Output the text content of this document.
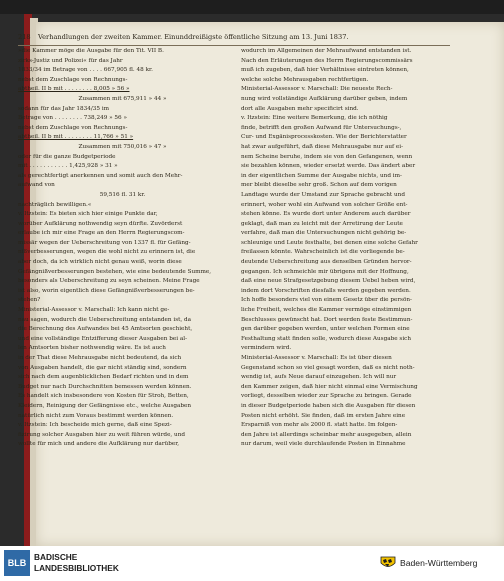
218 Verhandlungen der zweiten Kammer. Einunddreißigste öffentliche Sitzung am 13. Juni 1837.
»die Kammer möge die Ausgabe für den Tit. VII B.
zirks-Justiz und Polizei« für das Jahr
1833/34 im Betrage von . . . . 667,905 fl. 48 kr.
nebst dem Zuschlage von Rechnungs-
abtheil. II b mit . . . . . . . . 8,005 » 56 »
Zusammen mit 675,911 » 44 »
sodann für das Jahr 1834/35 im
Betrage von . . . . . . . . 738,249 » 56 »
nebst dem Zuschlage von Rechnungs-
abtheil. II b mit . . . . . . . . 11,766 » 51 »
Zusammen mit 750,016 » 47 »
oder für die ganze Budgetperiode
mit . . . . . . . . . . . 1,425,928 » 31 »
als gerechtfertigt anerkennen und somit auch den Mehr-
aufwand von
59,516 fl. 31 kr.
nachträglich bewilligen.«
v. Itzstein: Es bieten sich hier einige Punkte dar,
worüber Aufklärung nothwendig seyn dürfte. Zuvörderst
erlaube ich mir eine Frage an den Herrn Regierungscom-
missär wegen der Ueberschreitung von 1337 fl. für Gefäng-
nißverbesserungen, wegen die wohl nicht zu erinnern ist, die
aber doch, da ich wirklich nicht genau weiß, worin diese
Gefängnißverbesserungen bestehen, wie eine bedeutende Summe,
besonders als Ueberschreitung zu seyn scheinen. Meine Frage
ist also, worin eigentlich diese Gefängnißverbesserungen be-
stehen?
Ministerial-Assessor v. Marschall: Ich kann nicht ge-
nau sagen, wodurch die Ueberschreitung entstanden ist, da
die Berechnung des Aufwandes bei 45 Amtsorten geschieht,
und eine vollständige Entzifferung dieser Ausgaben bei al-
len Amtsorten bisher nothwendig wäre. Es ist auch
in der That diese Mehrausgabe nicht bedeutend, da sich
von Ausgaben handelt, die gar nicht ständig sind, sondern
sich nach dem augenblicklichen Bedarf richten und in dem
Budget nur nach Durchschnitten bemessen werden können.
Es handelt sich insbesondere von Kosten für Stroh, Betten,
Kleidern, Reinigung der Gefängnisse etc., welche Ausgaben
natürlich nicht zum Voraus bestimmt werden können.
v. Itzstein: Ich bescheide mich gerne, daß eine Spezi-
fizirung solcher Ausgaben hier zu weit führen würde, und
wollte für mich und andere die Aufklärung nur darüber,
wodurch im Allgemeinen der Mehraufwand entstanden ist.
Nach den Erläuterungen des Herrn Regierungscommissärs
muß ich zugeben, daß hier Verhältnisse eintreten können,
welche solche Mehrausgaben rechtfertigen.
Ministerial-Assessor v. Marschall: Die neueste Rech-
nung wird vollständige Aufklärung darüber geben, indem
dort alle Ausgaben mehr specificirt sind.
v. Itzstein: Eine weitere Bemerkung, die ich nöthig
finde, betrifft den großen Aufwand für Untersuchungs-,
Cur- und Exgänisprocesskosten. Wie der Berichterstatter
hat zwar aufgeführt, daß diese Mehrausgabe nur auf ei-
nem Scheine beruhe, indem sie von den Gefangenen, wenn
sie bezahlen können, wieder ersetzt werde. Das ändert aber
in der eigentlichen Summe der Ausgabe nichts, und im-
mer bleibt dieselbe sehr groß. Schon auf dem vorigen
Landtage wurde der Umstand zur Sprache gebracht und
erinnert, woher wohl ein Aufwand von solcher Größe ent-
stehen könne. Es wurde dort unter Anderem auch darüber
geklagt, daß man zu leicht mit der Arretirung der Leute
verfahre, daß man die Untersuchungen nicht gehörig be-
schleunige und Leute festhalte, bei denen eine solche Gefahr
freilassen könnte. Wahrscheinlich ist die vorliegende be-
deutende Ueberschreitung aus denselben Gründen hervor-
gegangen. Ich schmeichle mir übrigens mit der Hoffnung,
daß eine neue Strafgesetzgebung diesem Uebel heben wird,
indem dort Vorschriften diesfalls werden gegeben werden.
Ich hoffe besonders viel von einem Gesetz über die persön-
liche Freiheit, welches die Kammer vermöge einstimmigen
Beschlusses gewünscht hat. Dort werden feste Bestimmun-
gen darüber gegeben werden, unter welchen Formen eine
Festhaltung statt finden solle, wodurch diese Ausgabe sich
vermindern wird.
Ministerial-Assessor v. Marschall: Es ist über diesen
Gegenstand schon so viel gesagt worden, daß es nicht noth-
wendig ist, aufs Neue darauf einzugehen. Ich will nur
den Kammer zeigen, daß hier nicht einmal eine Vermischung
vorliegt, desselben wieder zur Sprache zu bringen. Gerade
in dieser Budgetperiode haben sich die Ausgaben für diesen
Posten nicht erhöht. Sie finden, daß im ersten Jahre eine
Ersparniß von mehr als 2000 fl. statt hatte. Im folgen-
den Jahre ist allerdings scheinbar mehr ausgegeben, allein
nur darum, weil viele durchlaufende Posten in Einnahme
BLB
BADISCHE
LANDESBIBLIOTHEK	Baden-Württemberg
